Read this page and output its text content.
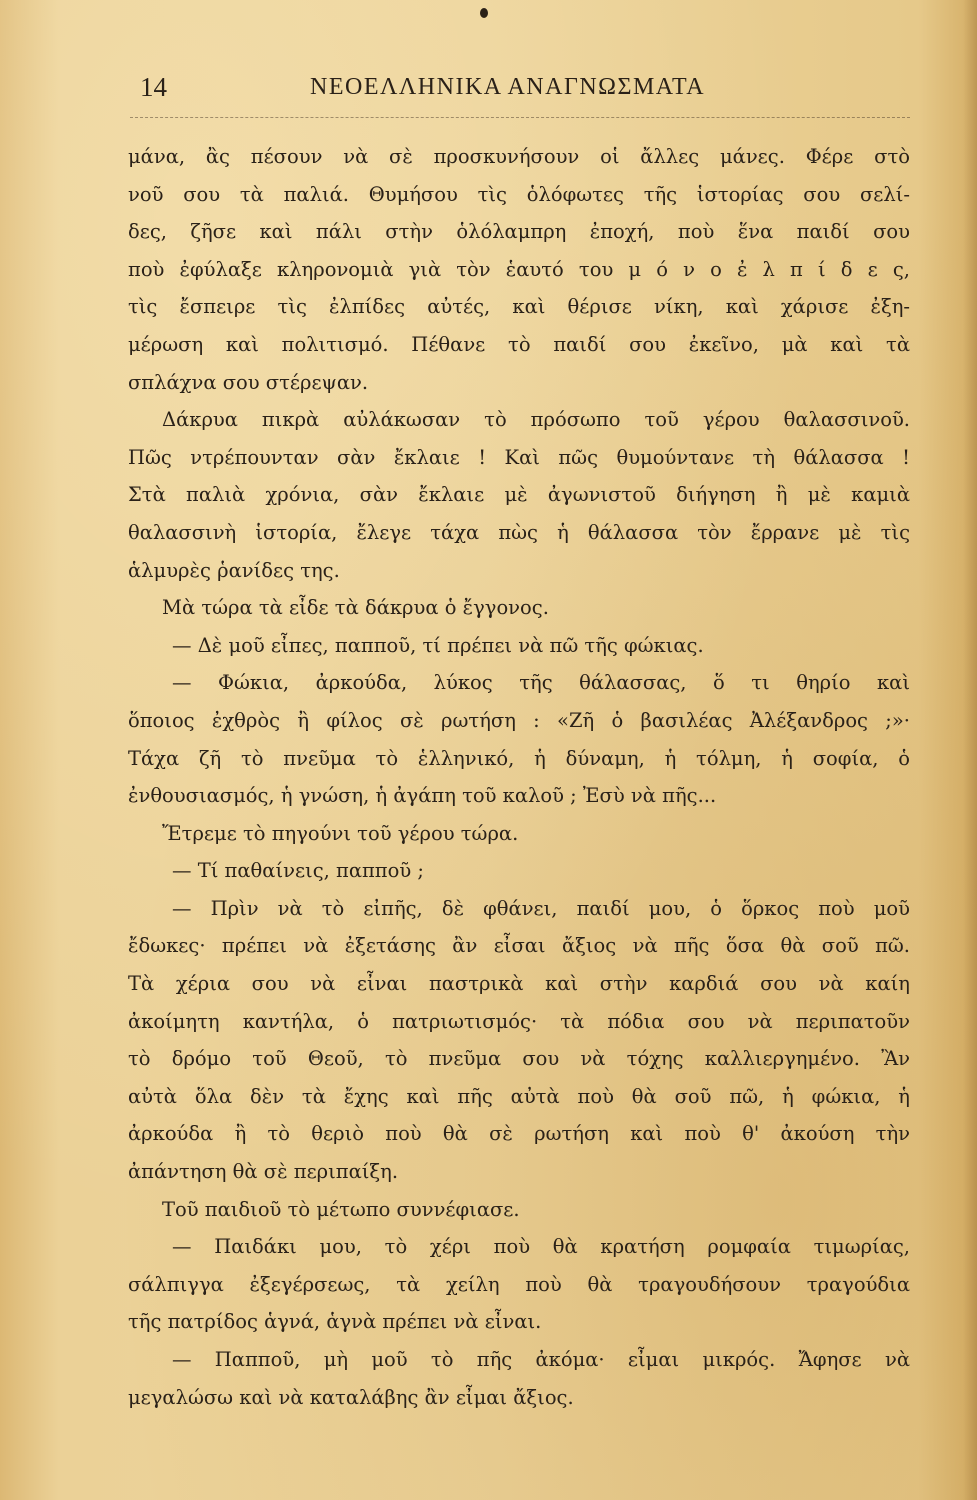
14	ΝΕΟΕΛΛΗΝΙΚΑ ΑΝΑΓΝΩΣΜΑΤΑ
μάνα, ἂς πέσουν νὰ σὲ προσκυνήσουν οἱ ἄλλες μάνες. Φέρε στὸ
νοῦ σου τὰ παλιά. Θυμήσου τὶς ὁλόφωτες τῆς ἱστορίας σου σελί-
δες, ζῆσε καὶ πάλι στὴν ὁλόλαμπρη ἐποχή, ποὺ ἕνα παιδί σου
ποὺ ἐφύλαξε κληρονομιὰ γιὰ τὸν ἑαυτό του μ ό ν ο ἐ λ π ί δ ε ς,
τὶς ἔσπειρε τὶς ἐλπίδες αὐτές, καὶ θέρισε νίκη, καὶ χάρισε ἐξη-
μέρωση καὶ πολιτισμό. Πέθανε τὸ παιδί σου ἐκεῖνο, μὰ καὶ τὰ
σπλάχνα σου στέρεψαν.
Δάκρυα πικρὰ αὐλάκωσαν τὸ πρόσωπο τοῦ γέρου θαλασσινοῦ.
Πῶς ντρέπουνταν σὰν ἔκλαιε ! Καὶ πῶς θυμούντανε τὴ θάλασσα !
Στὰ παλιὰ χρόνια, σὰν ἔκλαιε μὲ ἀγωνιστοῦ διήγηση ἢ μὲ καμιὰ
θαλασσινὴ ἱστορία, ἔλεγε τάχα πὼς ἡ θάλασσα τὸν ἔρρανε μὲ τὶς
ἁλμυρὲς ῥανίδες της.
Μὰ τώρα τὰ εἶδε τὰ δάκρυα ὁ ἔγγονος.
— Δὲ μοῦ εἶπες, παπποῦ, τί πρέπει νὰ πῶ τῆς φώκιας.
— Φώκια, ἀρκούδα, λύκος τῆς θάλασσας, ὅ τι θηρίο καὶ
ὅποιος ἐχθρὸς ἢ φίλος σὲ ρωτήση : «Ζῆ ὁ βασιλέας Ἀλέξανδρος ;»·
Τάχα ζῆ τὸ πνεῦμα τὸ ἑλληνικό, ἡ δύναμη, ἡ τόλμη, ἡ σοφία, ὁ
ἐνθουσιασμός, ἡ γνώση, ἡ ἀγάπη τοῦ καλοῦ ; Ἐσὺ νὰ πῆς...
Ἔτρεμε τὸ πηγούνι τοῦ γέρου τώρα.
— Τί παθαίνεις, παπποῦ ;
— Πρὶν νὰ τὸ εἰπῆς, δὲ φθάνει, παιδί μου, ὁ ὅρκος ποὺ μοῦ
ἔδωκες· πρέπει νὰ ἐξετάσης ἂν εἶσαι ἄξιος νὰ πῆς ὅσα θὰ σοῦ πῶ.
Τὰ χέρια σου νὰ εἶναι παστρικὰ καὶ στὴν καρδιά σου νὰ καίη
ἀκοίμητη καντήλα, ὁ πατριωτισμός· τὰ πόδια σου νὰ περιπατοῦν
τὸ δρόμο τοῦ Θεοῦ, τὸ πνεῦμα σου νὰ τόχης καλλιεργημένο. Ἂν
αὐτὰ ὅλα δὲν τὰ ἔχης καὶ πῆς αὐτὰ ποὺ θὰ σοῦ πῶ, ἡ φώκια, ἡ
ἀρκούδα ἢ τὸ θεριὸ ποὺ θὰ σὲ ρωτήση καὶ ποὺ θ' ἀκούση τὴν
ἀπάντηση θὰ σὲ περιπαίξη.
Τοῦ παιδιοῦ τὸ μέτωπο συννέφιασε.
— Παιδάκι μου, τὸ χέρι ποὺ θὰ κρατήση ρομφαία τιμωρίας,
σάλπιγγα ἐξεγέρσεως, τὰ χείλη ποὺ θὰ τραγουδήσουν τραγούδια
τῆς πατρίδος ἁγνά, ἁγνὰ πρέπει νὰ εἶναι.
— Παπποῦ, μὴ μοῦ τὸ πῆς ἀκόμα· εἶμαι μικρός. Ἄφησε νὰ
μεγαλώσω καὶ νὰ καταλάβης ἂν εἶμαι ἄξιος.
